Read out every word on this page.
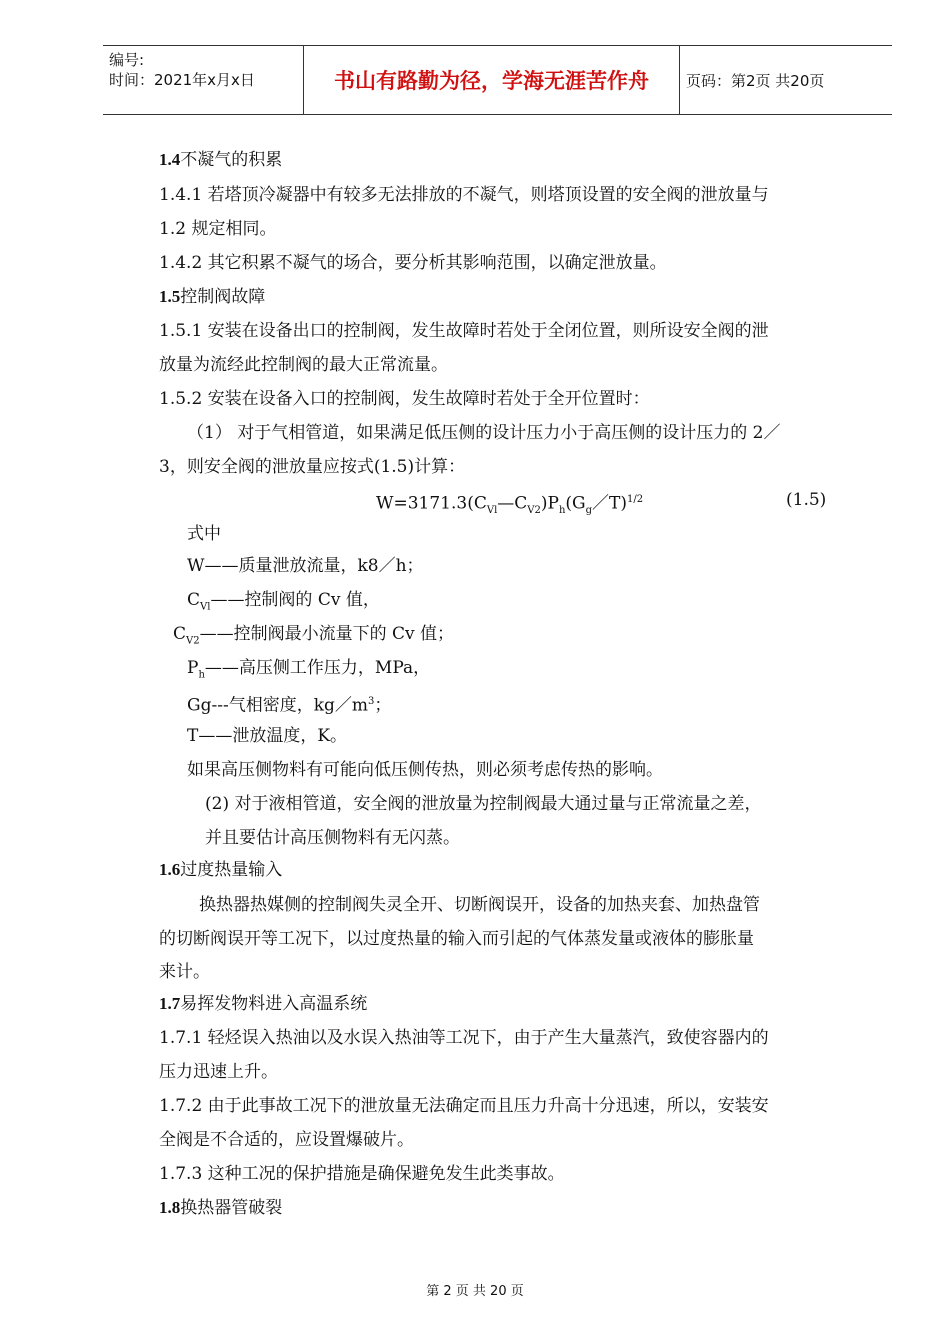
编号:
时间：2021年x月x日	书山有路勤为径，学海无涯苦作舟	页码：第2页 共20页
1.4不凝气的积累
1.4.1 若塔顶冷凝器中有较多无法排放的不凝气，则塔顶设置的安全阀的泄放量与
1.2 规定相同。
1.4.2 其它积累不凝气的场合，要分析其影响范围，以确定泄放量。
1.5控制阀故障
1.5.1 安装在设备出口的控制阀，发生故障时若处于全闭位置，则所设安全阀的泄
放量为流经此控制阀的最大正常流量。
1.5.2 安装在设备入口的控制阀，发生故障时若处于全开位置时：
（1） 对于气相管道，如果满足低压侧的设计压力小于高压侧的设计压力的 2／
3，则安全阀的泄放量应按式(1.5)计算：
$W=3171.3(C_{Vl}—C_{V2})P_h(G_g/T)^{1/2}$	(1.5)
式中
W——质量泄放流量，k8／h；
$C_{Vl}——$控制阀的 Cv 值，
$C_{V2}——$控制阀最小流量下的 Cv 值；
$P_h——$高压侧工作压力，MPa，
Gg---气相密度，$kg/m^3$；
T——泄放温度，K。
如果高压侧物料有可能向低压侧传热，则必须考虑传热的影响。
(2) 对于液相管道，安全阀的泄放量为控制阀最大通过量与正常流量之差，
并且要估计高压侧物料有无闪蒸。
1.6过度热量输入
换热器热媒侧的控制阀失灵全开、切断阀误开，设备的加热夹套、加热盘管
的切断阀误开等工况下，以过度热量的输入而引起的气体蒸发量或液体的膨胀量
来计。
1.7易挥发物料进入高温系统
1.7.1 轻烃误入热油以及水误入热油等工况下，由于产生大量蒸汽，致使容器内的
压力迅速上升。
1.7.2 由于此事故工况下的泄放量无法确定而且压力升高十分迅速，所以，安装安
全阀是不合适的，应设置爆破片。
1.7.3 这种工况的保护措施是确保避免发生此类事故。
1.8换热器管破裂
第 2 页 共 20 页
